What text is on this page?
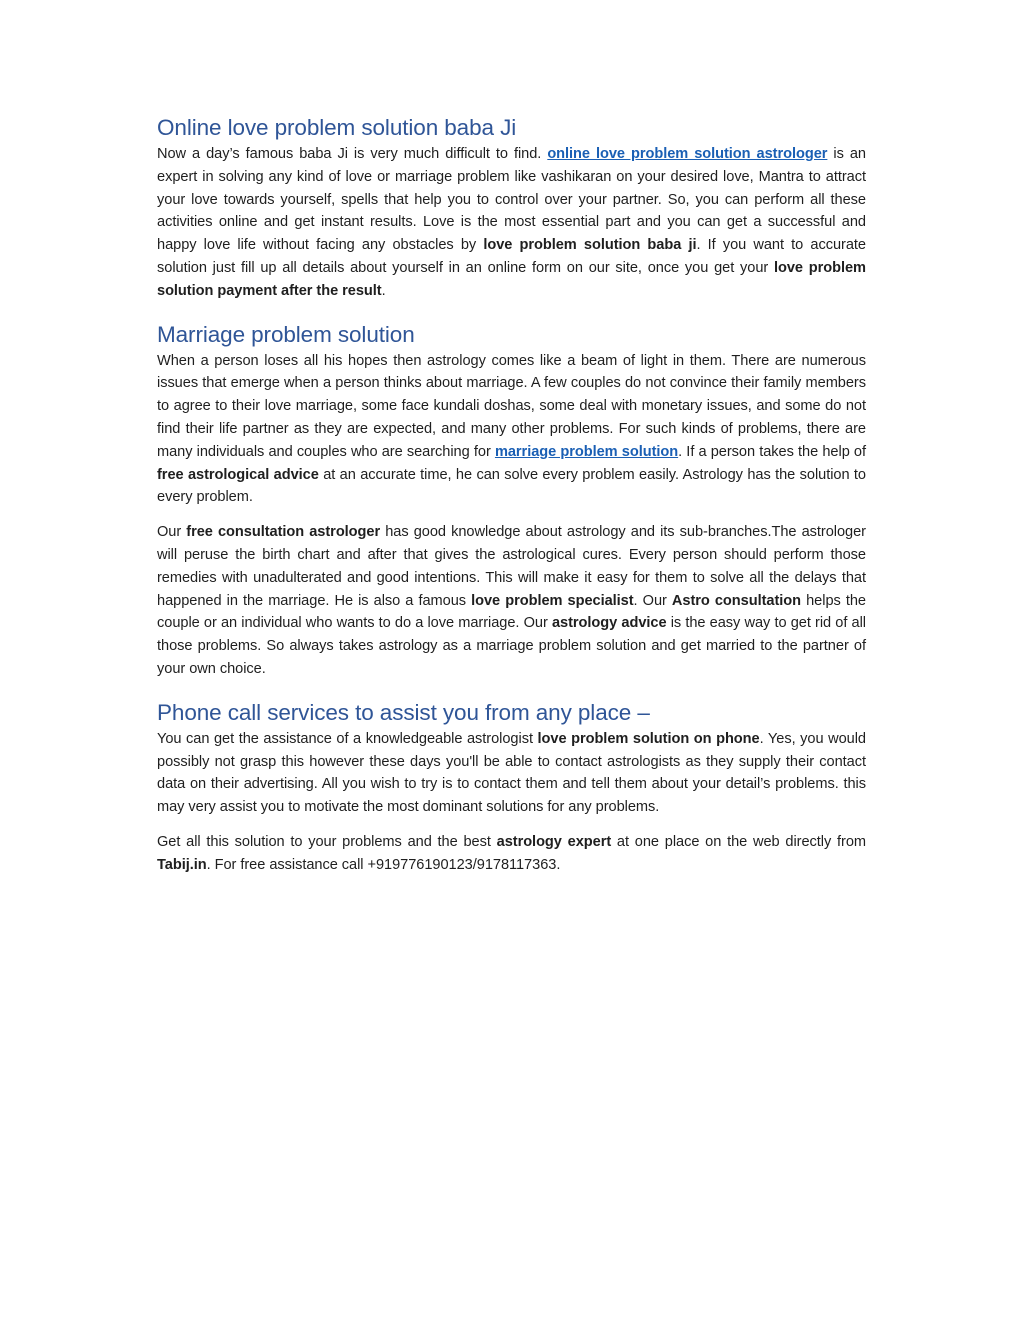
Online love problem solution baba Ji

Now a day’s famous baba Ji is very much difficult to find. online love problem solution astrologer is an expert in solving any kind of love or marriage problem like vashikaran on your desired love, Mantra to attract your love towards yourself, spells that help you to control over your partner. So, you can perform all these activities online and get instant results. Love is the most essential part and you can get a successful and happy love life without facing any obstacles by love problem solution baba ji. If you want to accurate solution just fill up all details about yourself in an online form on our site, once you get your love problem solution payment after the result.

Marriage problem solution

When a person loses all his hopes then astrology comes like a beam of light in them. There are numerous issues that emerge when a person thinks about marriage. A few couples do not convince their family members to agree to their love marriage, some face kundali doshas, some deal with monetary issues, and some do not find their life partner as they are expected, and many other problems. For such kinds of problems, there are many individuals and couples who are searching for marriage problem solution. If a person takes the help of free astrological advice at an accurate time, he can solve every problem easily. Astrology has the solution to every problem.

Our free consultation astrologer has good knowledge about astrology and its sub-branches.The astrologer will peruse the birth chart and after that gives the astrological cures. Every person should perform those remedies with unadulterated and good intentions. This will make it easy for them to solve all the delays that happened in the marriage. He is also a famous love problem specialist. Our Astro consultation helps the couple or an individual who wants to do a love marriage. Our astrology advice is the easy way to get rid of all those problems. So always takes astrology as a marriage problem solution and get married to the partner of your own choice.

Phone call services to assist you from any place –

You can get the assistance of a knowledgeable astrologist love problem solution on phone. Yes, you would possibly not grasp this however these days you'll be able to contact astrologists as they supply their contact data on their advertising. All you wish to try is to contact them and tell them about your detail’s problems. this may very assist you to motivate the most dominant solutions for any problems.

Get all this solution to your problems and the best astrology expert at one place on the web directly from Tabij.in. For free assistance call +919776190123/9178117363.
